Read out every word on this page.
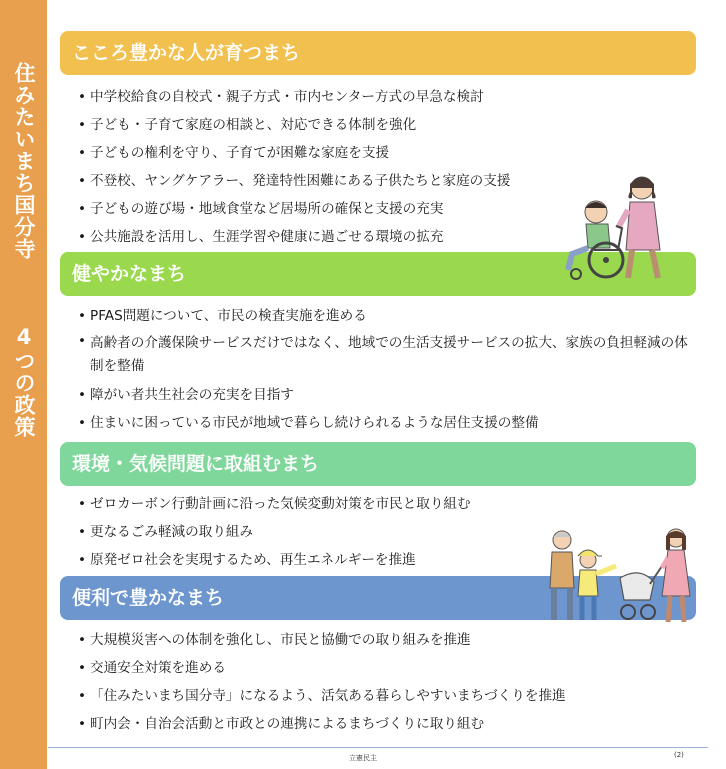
住みたいまち国分寺
4つの政策
こころ豊かな人が育つまち
• 中学校給食の自校式・親子方式・市内センター方式の早急な検討
• 子ども・子育て家庭の相談と、対応できる体制を強化
• 子どもの権利を守り、子育てが困難な家庭を支援
• 不登校、ヤングケアラー、発達特性困難にある子供たちと家庭の支援
• 子どもの遊び場・地域食堂など居場所の確保と支援の充実
• 公共施設を活用し、生涯学習や健康に過ごせる環境の拡充
健やかなまち
• PFAS問題について、市民の検査実施を進める
• 高齢者の介護保険サービスだけではなく、地域での生活支援サービスの拡大、家族の負担軽減の体制を整備
• 障がい者共生社会の充実を目指す
• 住まいに困っている市民が地域で暮らし続けられるような居住支援の整備
環境・気候問題に取組むまち
• ゼロカーボン行動計画に沿った気候変動対策を市民と取り組む
• 更なるごみ軽減の取り組み
• 原発ゼロ社会を実現するため、再生エネルギーを推進
便利で豊かなまち
• 大規模災害への体制を強化し、市民と協働での取り組みを推進
• 交通安全対策を進める
• 「住みたいまち国分寺」になるよう、活気ある暮らしやすいまちづくりを推進
• 町内会・自治会活動と市政との連携によるまちづくりに取り組む
立憲民主	(2)
